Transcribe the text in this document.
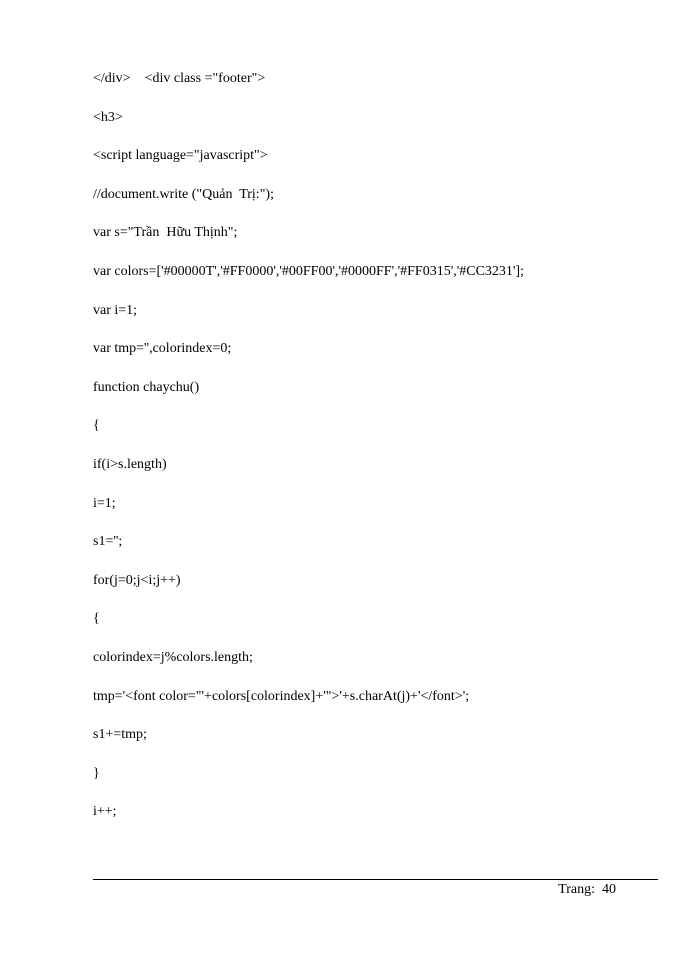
</div>    <div class ="footer">
<h3>
<script language="javascript">
//document.write ("Quản  Trị:");
var s="Trần  Hữu Thịnh";
var colors=['#00000T','#FF0000','#00FF00','#0000FF','#FF0315','#CC3231'];
var i=1;
var tmp='',colorindex=0;
function chaychu()
{
if(i>s.length)
i=1;
s1='';
for(j=0;j<i;j++)
{
colorindex=j%colors.length;
tmp='<font color="'+colors[colorindex]+'">'+s.charAt(j)+'</font>';
s1+=tmp;
}
i++;
Trang:  40
